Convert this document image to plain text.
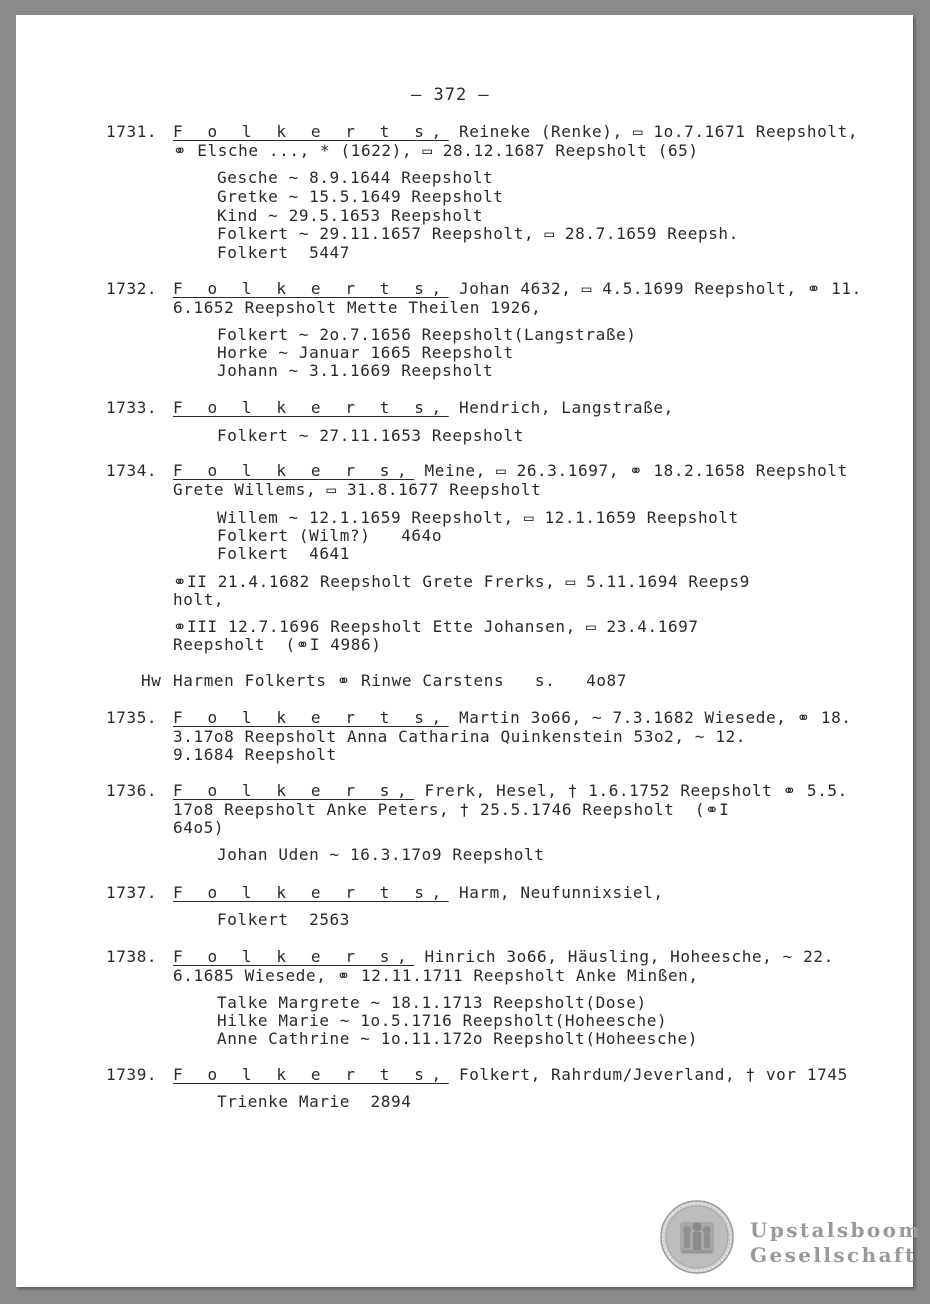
– 372 –
1731. F o l k e r t s, Reineke (Renke), ▭ 1o.7.1671 Reepsholt,
⚭ Elsche ..., * (1622), ▭ 28.12.1687 Reepsholt (65)
Gesche ~ 8.9.1644 Reepsholt
Gretke ~ 15.5.1649 Reepsholt
Kind ~ 29.5.1653 Reepsholt
Folkert ~ 29.11.1657 Reepsholt, ▭ 28.7.1659 Reepsh.
Folkert  5447
1732. F o l k e r t s, Johan 4632, ▭ 4.5.1699 Reepsholt, ⚭ 11.
6.1652 Reepsholt Mette Theilen 1926,
Folkert ~ 2o.7.1656 Reepsholt(Langstraße)
Horke ~ Januar 1665 Reepsholt
Johann ~ 3.1.1669 Reepsholt
1733. F o l k e r t s, Hendrich, Langstraße,
Folkert ~ 27.11.1653 Reepsholt
1734. F o l k e r s, Meine, ▭ 26.3.1697, ⚭ 18.2.1658 Reepsholt
Grete Willems, ▭ 31.8.1677 Reepsholt
Willem ~ 12.1.1659 Reepsholt, ▭ 12.1.1659 Reepsholt
Folkert (Wilm?)   464o
Folkert  4641
⚭II 21.4.1682 Reepsholt Grete Frerks, ▭ 5.11.1694 Reeps9
holt,
⚭III 12.7.1696 Reepsholt Ette Johansen, ▭ 23.4.1697
Reepsholt  (⚭I 4986)
Hw Harmen Folkerts ⚭ Rinwe Carstens   s.   4o87
1735. F o l k e r t s, Martin 3o66, ~ 7.3.1682 Wiesede, ⚭ 18.
3.17o8 Reepsholt Anna Catharina Quinkenstein 53o2, ~ 12.
9.1684 Reepsholt
1736. F o l k e r s, Frerk, Hesel, † 1.6.1752 Reepsholt ⚭ 5.5.
17o8 Reepsholt Anke Peters, † 25.5.1746 Reepsholt  (⚭I
64o5)
Johan Uden ~ 16.3.17o9 Reepsholt
1737. F o l k e r t s, Harm, Neufunnixsiel,
Folkert  2563
1738. F o l k e r s, Hinrich 3o66, Häusling, Hoheesche, ~ 22.
6.1685 Wiesede, ⚭ 12.11.1711 Reepsholt Anke Minßen,
Talke Margrete ~ 18.1.1713 Reepsholt(Dose)
Hilke Marie ~ 1o.5.1716 Reepsholt(Hoheesche)
Anne Cathrine ~ 1o.11.172o Reepsholt(Hoheesche)
1739. F o l k e r t s, Folkert, Rahrdum/Jeverland, † vor 1745
Trienke Marie  2894
Upstalsboom
Gesellschaft
